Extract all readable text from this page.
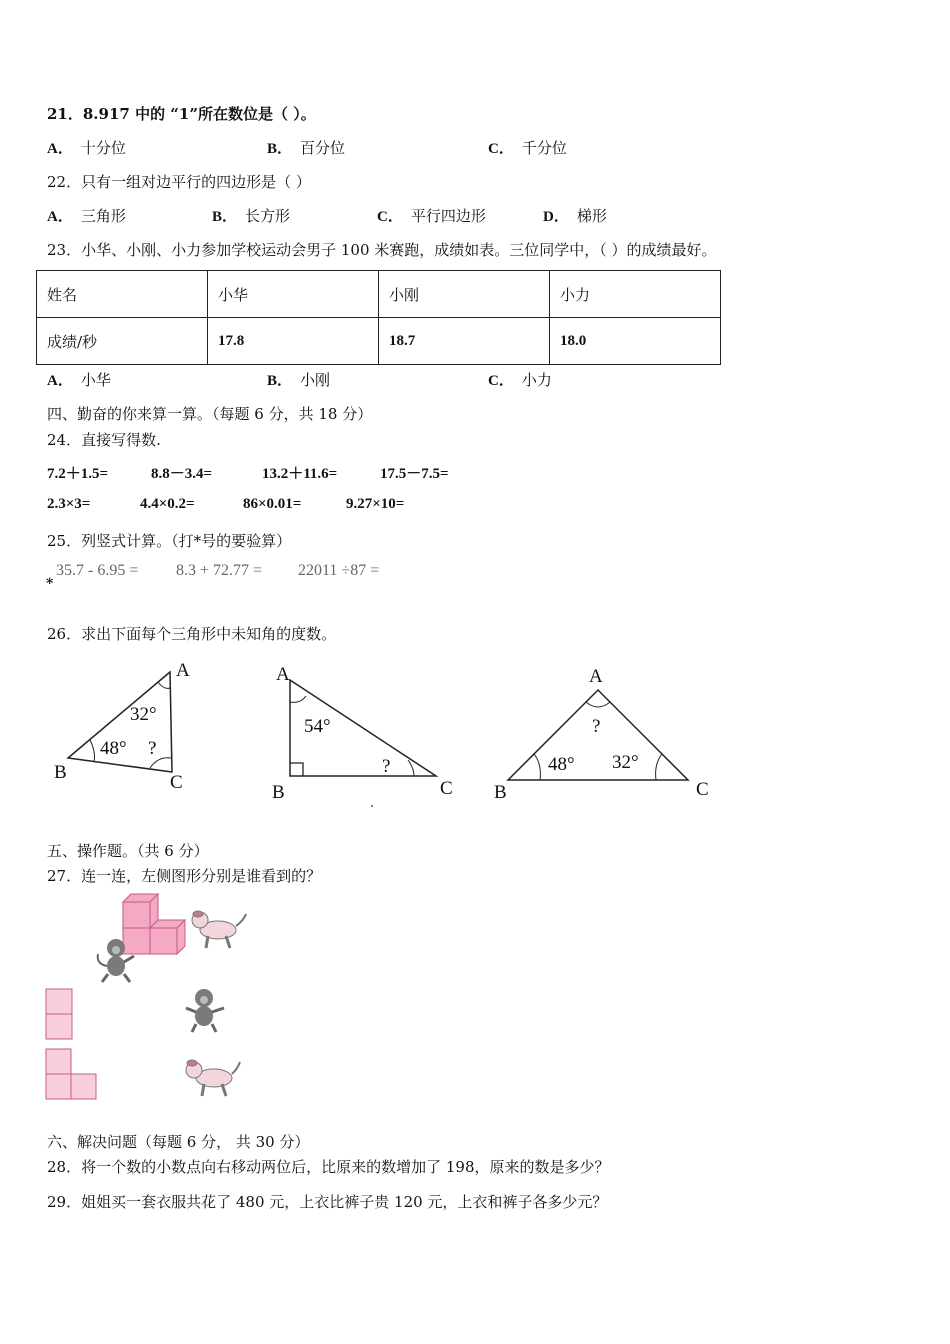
21．8.917 中的 “1”所在数位是（ ）。
A． 十分位	B． 百分位	C． 千分位
22．只有一组对边平行的四边形是（ ）
A． 三角形	B． 长方形	C． 平行四边形	D． 梯形
23．小华、小刚、小力参加学校运动会男子 100 米赛跑，成绩如表。三位同学中，（ ）的成绩最好。
姓名	小华	小刚	小力
成绩/秒	17.8	18.7	18.0
A． 小华	B． 小刚	C． 小力
四、勤奋的你来算一算。（每题 6 分，共 18 分）
24．直接写得数.
7.2＋1.5=	8.8－3.4=	13.2＋11.6=	17.5－7.5=
2.3×3=	4.4×0.2=	86×0.01=	9.27×10=
25．列竖式计算。（打*号的要验算）
35.7 - 6.95 = 8.3 + 72.77 = 22011 ÷87 =
*
26．求出下面每个三角形中未知角的度数。
A
B	C
32°
48° ?
A
B	C
54°
?
A
B	C
?
48° 32°
五、操作题。（共 6 分）
27．连一连，左侧图形分别是谁看到的？
六、解决问题（每题 6 分， 共 30 分）
28．将一个数的小数点向右移动两位后，比原来的数增加了 198，原来的数是多少？
29．姐姐买一套衣服共花了 480 元，上衣比裤子贵 120 元，上衣和裤子各多少元？
